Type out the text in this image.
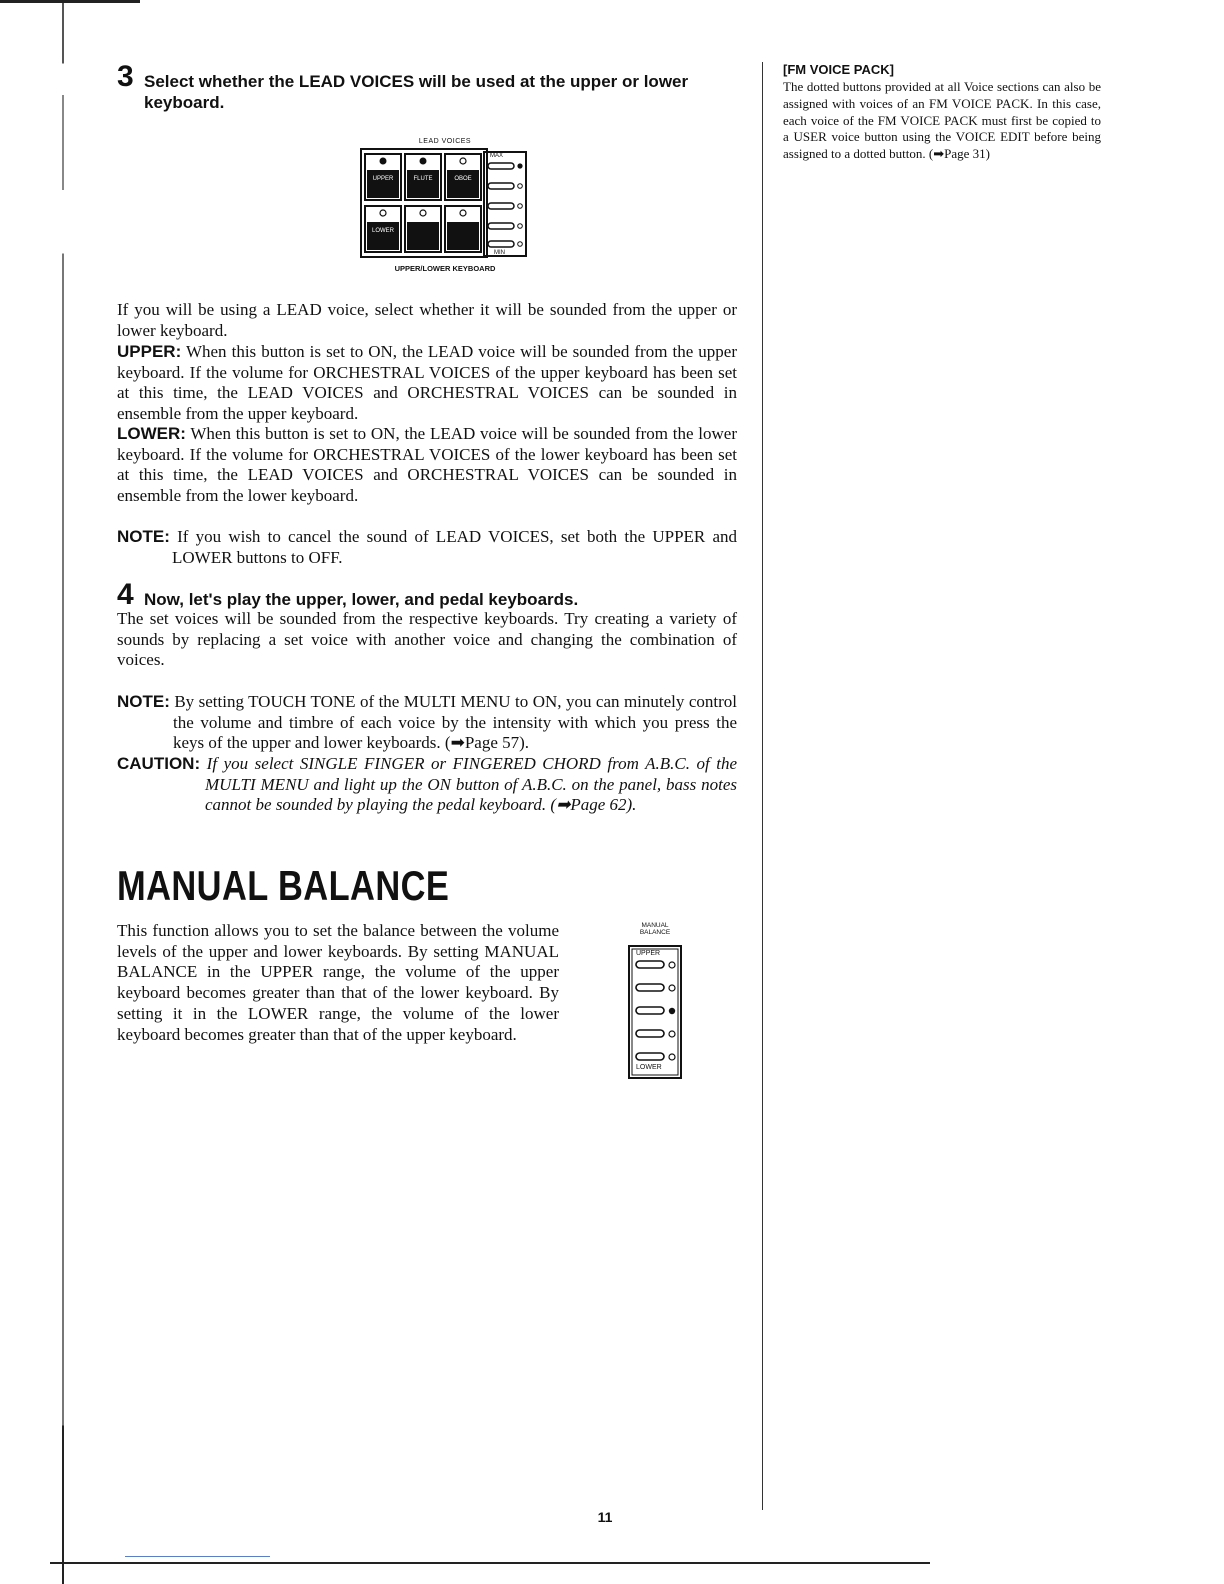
3 Select whether the LEAD VOICES will be used at the upper or lower
keyboard.
LEAD VOICES
UPPER	FLUTE	OBOE
LOWER
MAX
MIN
UPPER/LOWER KEYBOARD
If you will be using a LEAD voice, select whether it will be sounded from the upper or lower keyboard.
UPPER: When this button is set to ON, the LEAD voice will be sounded from the upper keyboard. If the volume for ORCHESTRAL VOICES of the upper keyboard has been set at this time, the LEAD VOICES and ORCHESTRAL VOICES can be sounded in ensemble from the upper keyboard.
LOWER: When this button is set to ON, the LEAD voice will be sounded from the lower keyboard. If the volume for ORCHESTRAL VOICES of the lower keyboard has been set at this time, the LEAD VOICES and ORCHESTRAL VOICES can be sounded in ensemble from the lower keyboard.
NOTE: If you wish to cancel the sound of LEAD VOICES, set both the UPPER and LOWER buttons to OFF.
4 Now, let's play the upper, lower, and pedal keyboards.
The set voices will be sounded from the respective keyboards. Try creating a variety of sounds by replacing a set voice with another voice and changing the combination of voices.
NOTE: By setting TOUCH TONE of the MULTI MENU to ON, you can minutely control the volume and timbre of each voice by the intensity with which you press the keys of the upper and lower keyboards. (➡Page 57).
CAUTION: If you select SINGLE FINGER or FINGERED CHORD from A.B.C. of the MULTI MENU and light up the ON button of A.B.C. on the panel, bass notes cannot be sounded by playing the pedal keyboard. (➡Page 62).
MANUAL BALANCE
This function allows you to set the balance between the volume levels of the upper and lower keyboards. By setting MANUAL BALANCE in the UPPER range, the volume of the upper keyboard becomes greater than that of the lower keyboard. By setting it in the LOWER range, the volume of the lower keyboard becomes greater than that of the upper keyboard.
MANUAL
BALANCE
UPPER
LOWER

[FM VOICE PACK]

The dotted buttons provided at all Voice sections can also be assigned with voices of an FM VOICE PACK. In this case, each voice of the FM VOICE PACK must first be copied to a USER voice button using the VOICE EDIT before being assigned to a dotted button. (➡Page 31)

11
